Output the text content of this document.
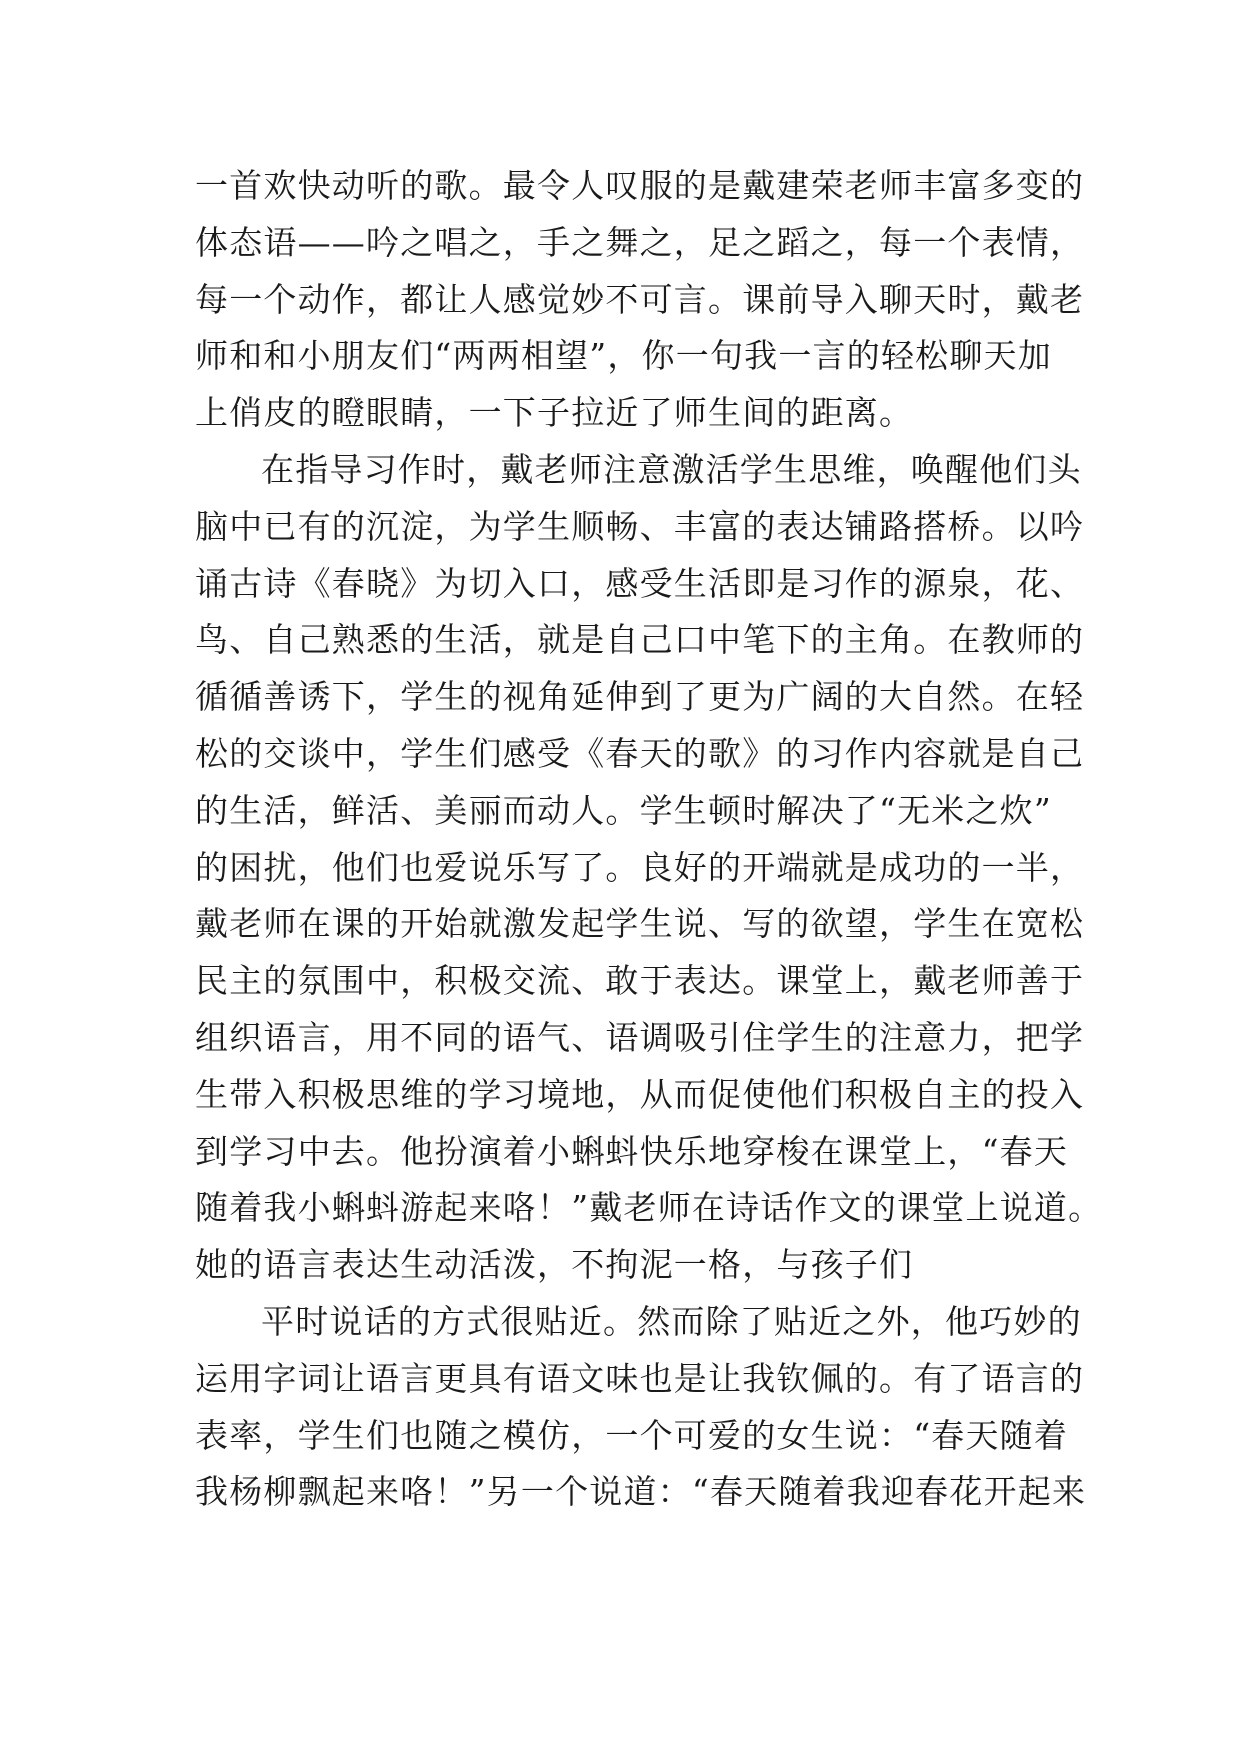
一首欢快动听的歌。最令人叹服的是戴建荣老师丰富多变的
体态语——吟之唱之，手之舞之，足之蹈之，每一个表情，
每一个动作，都让人感觉妙不可言。课前导入聊天时，戴老
师和和小朋友们“两两相望”，你一句我一言的轻松聊天加
上俏皮的瞪眼睛，一下子拉近了师生间的距离。
在指导习作时，戴老师注意激活学生思维，唤醒他们头
脑中已有的沉淀，为学生顺畅、丰富的表达铺路搭桥。以吟
诵古诗《春晓》为切入口，感受生活即是习作的源泉，花、
鸟、自己熟悉的生活，就是自己口中笔下的主角。在教师的
循循善诱下，学生的视角延伸到了更为广阔的大自然。在轻
松的交谈中，学生们感受《春天的歌》的习作内容就是自己
的生活，鲜活、美丽而动人。学生顿时解决了“无米之炊”
的困扰，他们也爱说乐写了。良好的开端就是成功的一半，
戴老师在课的开始就激发起学生说、写的欲望，学生在宽松
民主的氛围中，积极交流、敢于表达。课堂上，戴老师善于
组织语言，用不同的语气、语调吸引住学生的注意力，把学
生带入积极思维的学习境地，从而促使他们积极自主的投入
到学习中去。他扮演着小蝌蚪快乐地穿梭在课堂上，“春天
随着我小蝌蚪游起来咯！”戴老师在诗话作文的课堂上说道。
她的语言表达生动活泼，不拘泥一格，与孩子们
平时说话的方式很贴近。然而除了贴近之外，他巧妙的
运用字词让语言更具有语文味也是让我钦佩的。有了语言的
表率，学生们也随之模仿，一个可爱的女生说：“春天随着
我杨柳飘起来咯！”另一个说道：“春天随着我迎春花开起来
